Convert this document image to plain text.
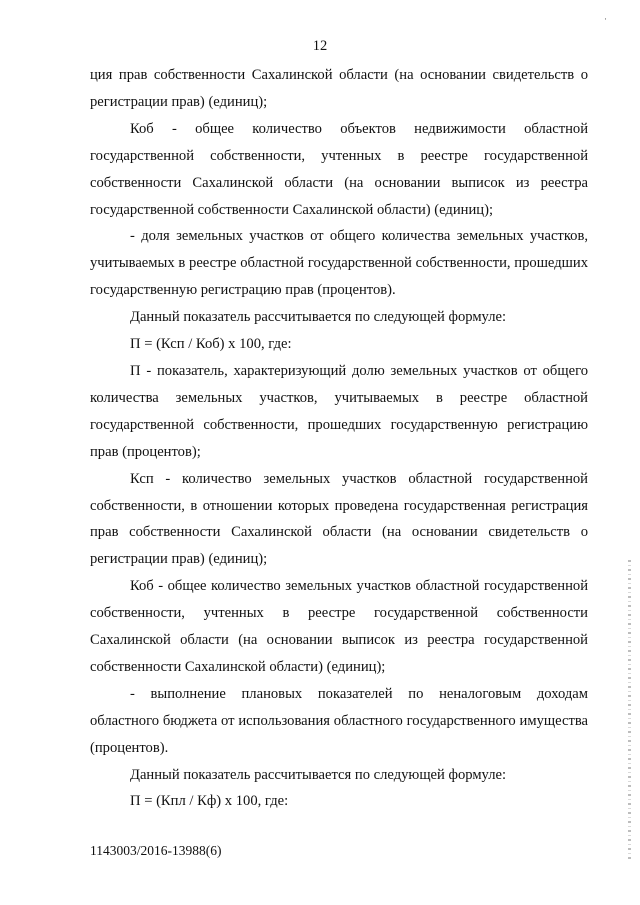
·
12

ция прав собственности Сахалинской области (на основании свидетельств о регистрации прав) (единиц);

Коб - общее количество объектов недвижимости областной государственной собственности, учтенных в реестре государственной собственности Сахалинской области (на основании выписок из реестра государственной собственности Сахалинской области) (единиц);

- доля земельных участков от общего количества земельных участков, учитываемых в реестре областной государственной собственности, прошедших государственную регистрацию прав (процентов).

Данный показатель рассчитывается по следующей формуле:

П = (Ксп / Коб) х 100, где:

П - показатель, характеризующий долю земельных участков от общего количества земельных участков, учитываемых в реестре областной государственной собственности, прошедших государственную регистрацию прав (процентов);

Ксп - количество земельных участков областной государственной собственности, в отношении которых проведена государственная регистрация прав собственности Сахалинской области (на основании свидетельств о регистрации прав) (единиц);

Коб - общее количество земельных участков областной государственной собственности, учтенных в реестре государственной собственности Сахалинской области (на основании выписок из реестра государственной собственности Сахалинской области) (единиц);

- выполнение плановых показателей по неналоговым доходам областного бюджета от использования областного государственного имущества (процентов).

Данный показатель рассчитывается по следующей формуле:

П = (Кпл / Кф) х 100, где:

1143003/2016-13988(6)
